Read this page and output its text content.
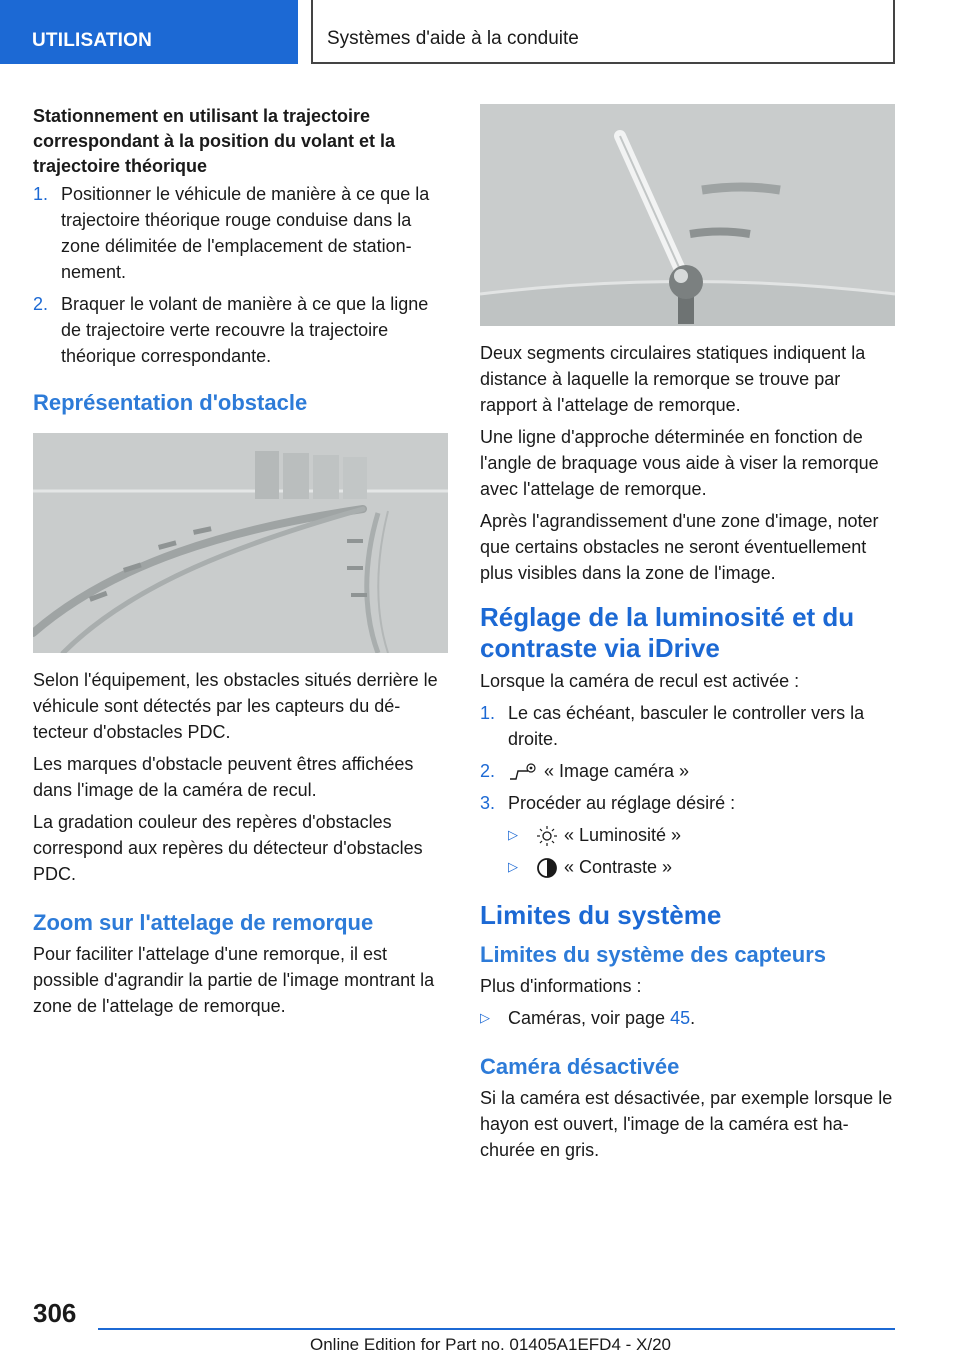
UTILISATION	Systèmes d'aide à la conduite
Stationnement en utilisant la trajectoire correspondant à la position du volant et la trajectoire théorique
1. Positionner le véhicule de manière à ce que la trajectoire théorique rouge conduise dans la zone délimitée de l'emplacement de stationnement.
2. Braquer le volant de manière à ce que la ligne de trajectoire verte recouvre la trajectoire théorique correspondante.
Représentation d'obstacle

Selon l'équipement, les obstacles situés derrière le véhicule sont détectés par les capteurs du détecteur d'obstacles PDC.

Les marques d'obstacle peuvent êtres affichées dans l'image de la caméra de recul.

La gradation couleur des repères d'obstacles correspond aux repères du détecteur d'obstacles PDC.

Zoom sur l'attelage de remorque

Pour faciliter l'attelage d'une remorque, il est possible d'agrandir la partie de l'image montrant la zone de l'attelage de remorque.

Deux segments circulaires statiques indiquent la distance à laquelle la remorque se trouve par rapport à l'attelage de remorque.

Une ligne d'approche déterminée en fonction de l'angle de braquage vous aide à viser la remorque avec l'attelage de remorque.

Après l'agrandissement d'une zone d'image, noter que certains obstacles ne seront éventuellement plus visibles dans la zone de l'image.

Réglage de la luminosité et du contraste via iDrive

Lorsque la caméra de recul est activée :

1. Le cas échéant, basculer le controller vers la droite.
2.	« Image caméra »
3. Procéder au réglage désiré :
▷	« Luminosité »
▷	« Contraste »
Limites du système
Limites du système des capteurs

Plus d'informations :

▷	Caméras, voir page 45.
Caméra désactivée

Si la caméra est désactivée, par exemple lorsque le hayon est ouvert, l'image de la caméra est hachurée en gris.

306
Online Edition for Part no. 01405A1EFD4 - X/20
